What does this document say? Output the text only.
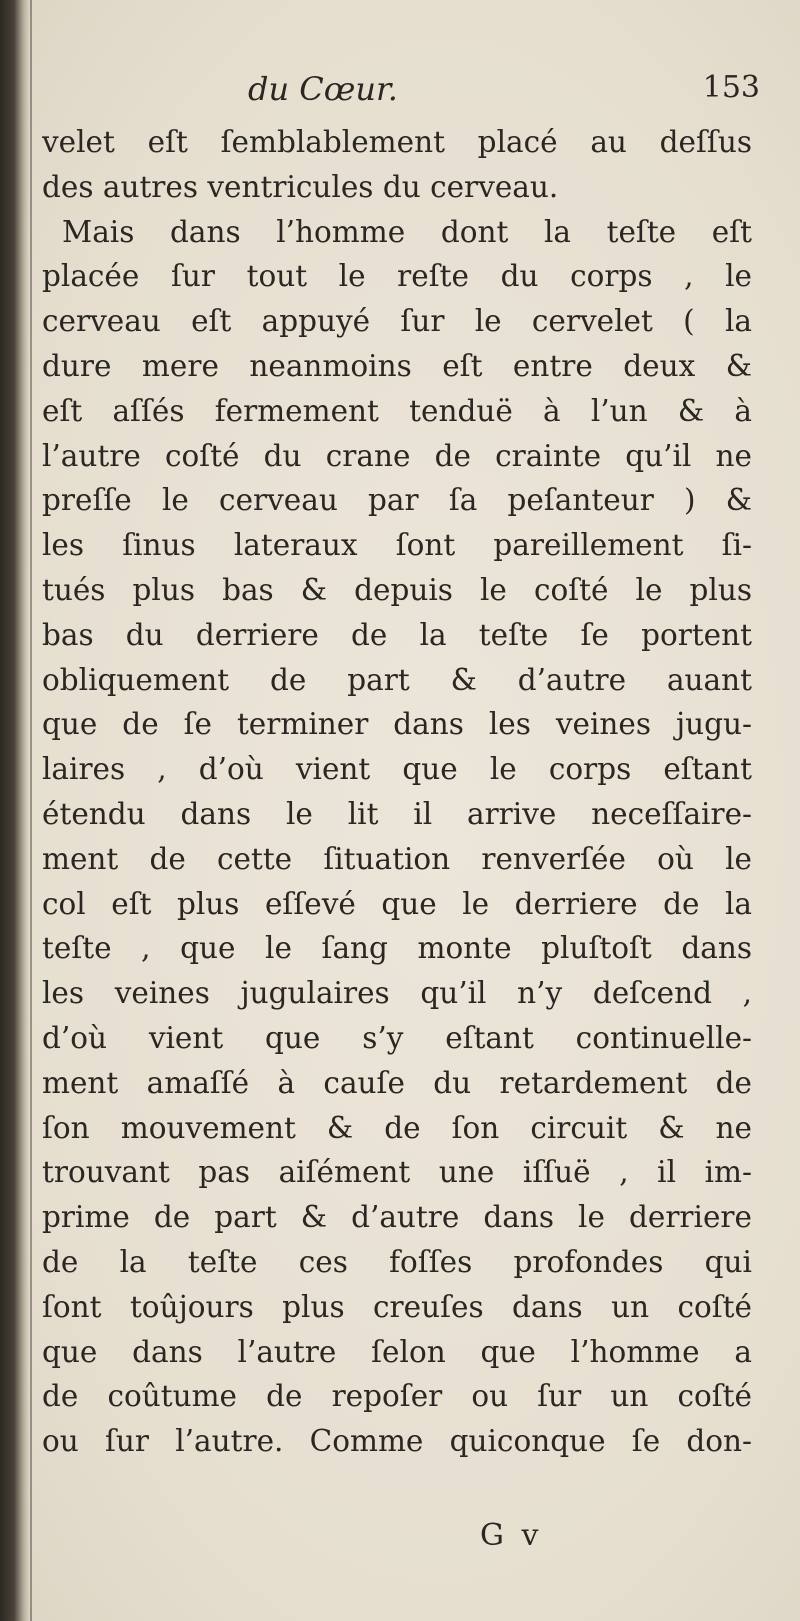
du Cœur.	153
velet eſt ſemblablement placé au deſſus
des autres ventricules du cerveau.
Mais dans l’homme dont la teſte eſt
placée ſur tout le reſte du corps , le
cerveau eſt appuyé ſur le cervelet ( la
dure mere neanmoins eſt entre deux &
eſt aſſés fermement tenduë à l’un & à
l’autre coſté du crane de crainte qu’il ne
preſſe le cerveau par ſa peſanteur ) &
les ſinus lateraux ſont pareillement ſi-
tués plus bas & depuis le coſté le plus
bas du derriere de la teſte ſe portent
obliquement de part & d’autre auant
que de ſe terminer dans les veines jugu-
laires , d’où vient que le corps eſtant
étendu dans le lit il arrive neceſſaire-
ment de cette ſituation renverſée où le
col eſt plus eſſevé que le derriere de la
teſte , que le ſang monte pluſtoſt dans
les veines jugulaires qu’il n’y deſcend ,
d’où vient que s’y eſtant continuelle-
ment amaſſé à cauſe du retardement de
ſon mouvement & de ſon circuit & ne
trouvant pas aiſément une iſſuë , il im-
prime de part & d’autre dans le derriere
de la teſte ces foſſes profondes qui
ſont toûjours plus creuſes dans un coſté
que dans l’autre ſelon que l’homme a
de coûtume de repoſer ou ſur un coſté
ou ſur l’autre. Comme quiconque ſe don-
G v
